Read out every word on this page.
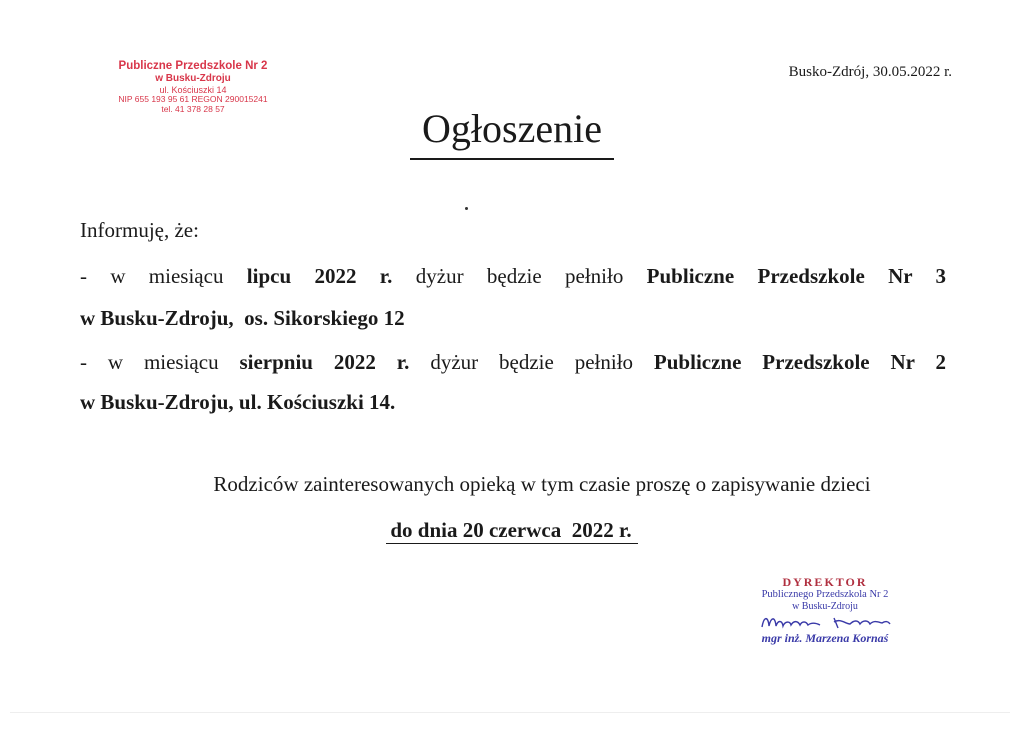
Publiczne Przedszkole Nr 2
w Busku-Zdroju
ul. Kościuszki 14
NIP 655 193 95 61 REGON 290015241
tel. 41 378 28 57
Busko-Zdrój, 30.05.2022 r.
Ogłoszenie
Informuję, że:
- w miesiącu lipcu 2022 r. dyżur będzie pełniło Publiczne Przedszkole Nr 3
w Busku-Zdroju,  os. Sikorskiego 12
- w miesiącu sierpniu 2022 r. dyżur będzie pełniło Publiczne Przedszkole Nr 2
w Busku-Zdroju, ul. Kościuszki 14.
Rodziców zainteresowanych opieką w tym czasie proszę o zapisywanie dzieci
do dnia 20 czerwca  2022 r.
DYREKTOR
Publicznego Przedszkola Nr 2
w Busku-Zdroju
mgr inż. Marzena Kornaś
